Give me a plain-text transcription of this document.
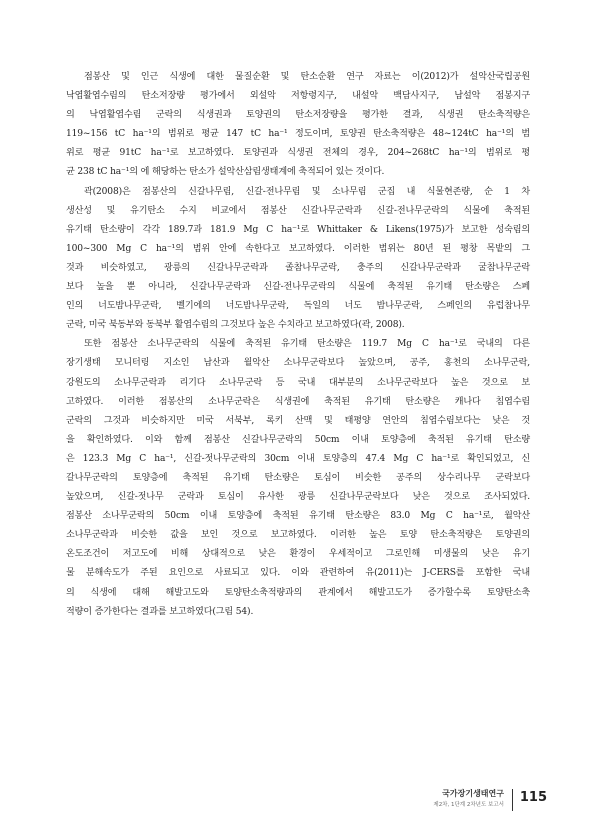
점봉산 및 인근 식생에 대한 물질순환 및 탄소순환 연구 자료는 이(2012)가 설악산국립공원
낙엽활엽수림의 탄소저장량 평가에서 외설악 저항령지구, 내설악 백담사지구, 남설악 점봉지구
의 낙엽활엽수림 군락의 식생권과 토양권의 탄소저장량을 평가한 결과, 식생권 탄소축적량은
119~156 tC ha⁻¹의 범위로 평균 147 tC ha⁻¹ 정도이며, 토양권 탄소축적량은 48~124tC ha⁻¹의 범
위로 평균 91tC ha⁻¹로 보고하였다. 토양권과 식생권 전체의 경우, 204~268tC ha⁻¹의 범위로 평
균 238 tC ha⁻¹의 에 해당하는 탄소가 설악산삼림생태계에 축적되어 있는 것이다.

곽(2008)은 점봉산의 신갈나무림, 신갈-전나무림 및 소나무림 군집 내 식물현존량, 순 1 차
생산성 및 유기탄소 수지 비교에서 점봉산 신갈나무군락과 신갈-전나무군락의 식물에 축적된
유기태 탄소량이 각각 189.7과 181.9 Mg C ha⁻¹로 Whittaker & Likens(1975)가 보고한 성숙림의
100~300 Mg C ha⁻¹의 범위 안에 속한다고 보고하였다. 이러한 범위는 80년 된 평창 목밭의 그
것과 비슷하였고, 광릉의 신갈나무군락과 졸참나무군락, 충주의 신갈나무군락과 굴참나무군락
보다 높을 뿐 아니라, 신갈나무군락과 신갈-전나무군락의 식물에 축적된 유기태 탄소량은 스페
인의 너도밤나무군락, 벨기에의 너도밤나무군락, 독일의 너도 밤나무군락, 스페인의 유럽참나무
군락, 미국 북동부와 동북부 활엽수림의 그것보다 높은 수치라고 보고하였다(곽, 2008).

또한 점봉산 소나무군락의 식물에 축적된 유기태 탄소량은 119.7 Mg C ha⁻¹로 국내의 다른
장기생태 모니터링 지소인 남산과 월악산 소나무군락보다 높았으며, 공주, 홍천의 소나무군락,
강원도의 소나무군락과 리기다 소나무군락 등 국내 대부분의 소나무군락보다 높은 것으로 보
고하였다. 이러한 점봉산의 소나무군락은 식생권에 축적된 유기태 탄소량은 캐나다 침엽수림
군락의 그것과 비슷하지만 미국 서북부, 록키 산맥 및 태평양 연안의 침엽수림보다는 낮은 것
을 확인하였다. 이와 함께 점봉산 신갈나무군락의 50cm 이내 토양층에 축적된 유기태 탄소량
은 123.3 Mg C ha⁻¹, 신갈-젓나무군락의 30cm 이내 토양층의 47.4 Mg C ha⁻¹로 확인되었고, 신
갈나무군락의 토양층에 축적된 유기태 탄소량은 토심이 비슷한 공주의 상수리나무 군락보다
높았으며, 신갈-젓나무 군락과 토심이 유사한 광릉 신갈나무군락보다 낮은 것으로 조사되었다.
점봉산 소나무군락의 50cm 이내 토양층에 축적된 유기태 탄소량은 83.0 Mg C ha⁻¹로, 월악산
소나무군락과 비슷한 값을 보인 것으로 보고하였다. 이러한 높은 토양 탄소축적량은 토양권의
온도조건이 저고도에 비해 상대적으로 낮은 환경이 우세적이고 그로인해 미생물의 낮은 유기
물 분해속도가 주된 요인으로 사료되고 있다. 이와 관련하여 유(2011)는 J-CERS를 포함한 국내
의 식생에 대해 해발고도와 토양탄소축적량과의 관계에서 해발고도가 증가할수록 토양탄소축
적량이 증가한다는 결과를 보고하였다(그림 54).

국가장기생태연구
제2차, 1단계 2차년도 보고서 115
